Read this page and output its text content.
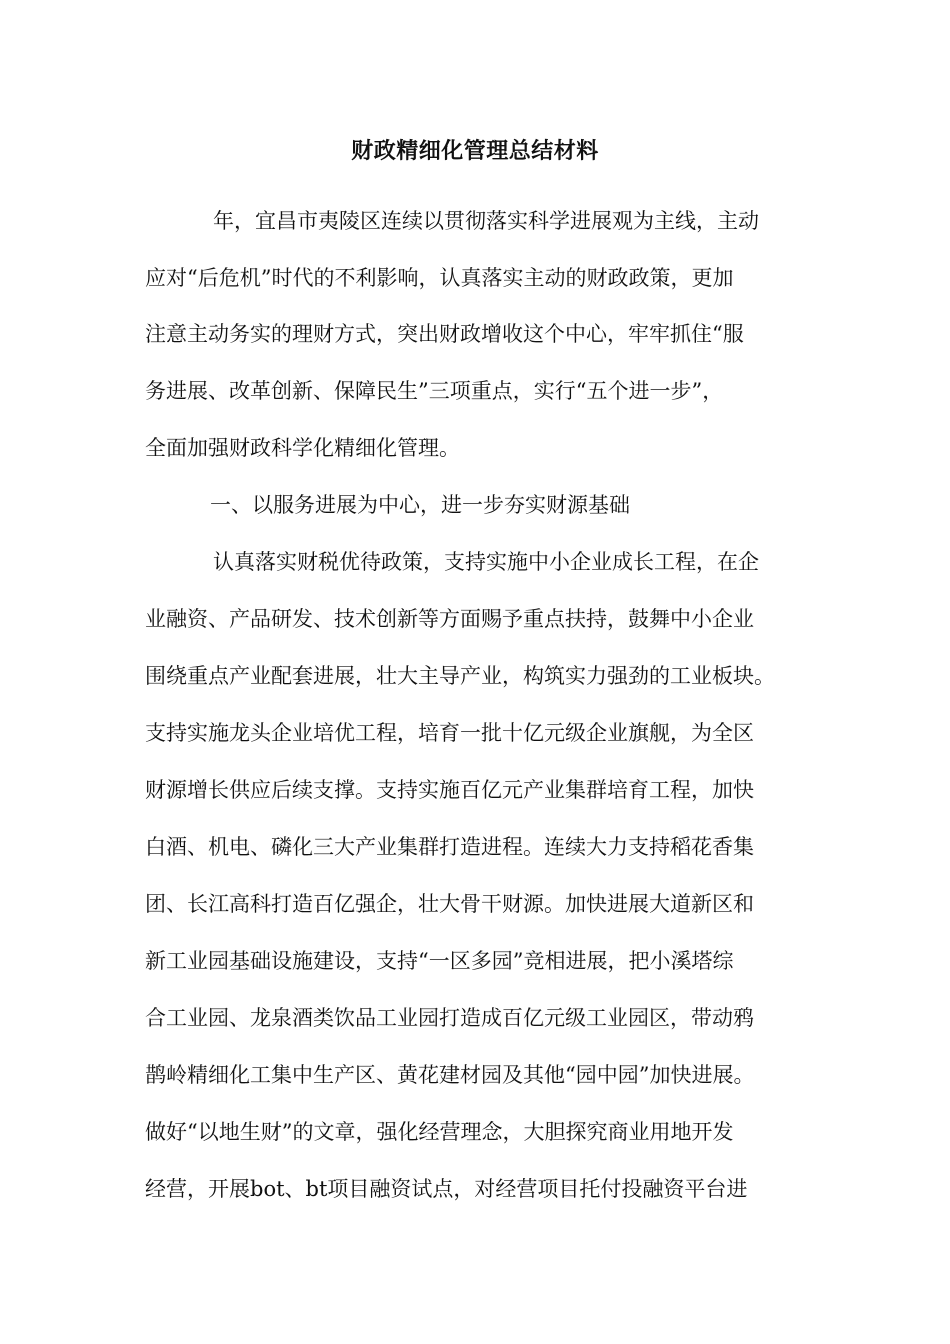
财政精细化管理总结材料
年，宜昌市夷陵区连续以贯彻落实科学进展观为主线，主动
应对“后危机”时代的不利影响，认真落实主动的财政政策，更加
注意主动务实的理财方式，突出财政增收这个中心，牢牢抓住“服
务进展、改革创新、保障民生”三项重点，实行“五个进一步”，
全面加强财政科学化精细化管理。
一、以服务进展为中心，进一步夯实财源基础
认真落实财税优待政策，支持实施中小企业成长工程，在企
业融资、产品研发、技术创新等方面赐予重点扶持，鼓舞中小企业
围绕重点产业配套进展，壮大主导产业，构筑实力强劲的工业板块。
支持实施龙头企业培优工程，培育一批十亿元级企业旗舰，为全区
财源增长供应后续支撑。支持实施百亿元产业集群培育工程，加快
白酒、机电、磷化三大产业集群打造进程。连续大力支持稻花香集
团、长江高科打造百亿强企，壮大骨干财源。加快进展大道新区和
新工业园基础设施建设，支持“一区多园”竞相进展，把小溪塔综
合工业园、龙泉酒类饮品工业园打造成百亿元级工业园区，带动鸦
鹊岭精细化工集中生产区、黄花建材园及其他“园中园”加快进展。
做好“以地生财”的文章，强化经营理念，大胆探究商业用地开发
经营，开展bot、bt项目融资试点，对经营项目托付投融资平台进
